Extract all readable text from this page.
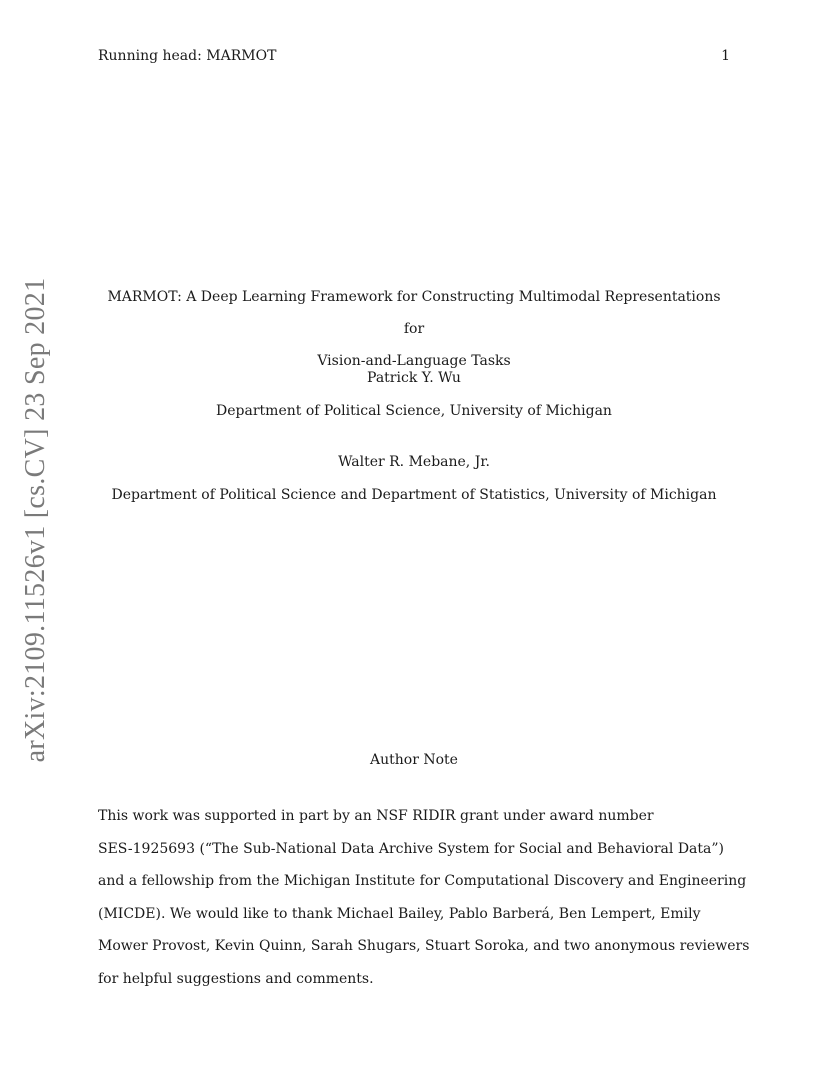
Running head: MARMOT	1
arXiv:2109.11526v1 [cs.CV] 23 Sep 2021	MARMOT: A Deep Learning Framework for Constructing Multimodal Representations for
Vision-and-Language Tasks
Patrick Y. Wu
Department of Political Science, University of Michigan
Walter R. Mebane, Jr.
Department of Political Science and Department of Statistics, University of Michigan
Author Note
This work was supported in part by an NSF RIDIR grant under award number
SES-1925693 (“The Sub-National Data Archive System for Social and Behavioral Data”)
and a fellowship from the Michigan Institute for Computational Discovery and Engineering
(MICDE). We would like to thank Michael Bailey, Pablo Barberá, Ben Lempert, Emily
Mower Provost, Kevin Quinn, Sarah Shugars, Stuart Soroka, and two anonymous reviewers
for helpful suggestions and comments.
